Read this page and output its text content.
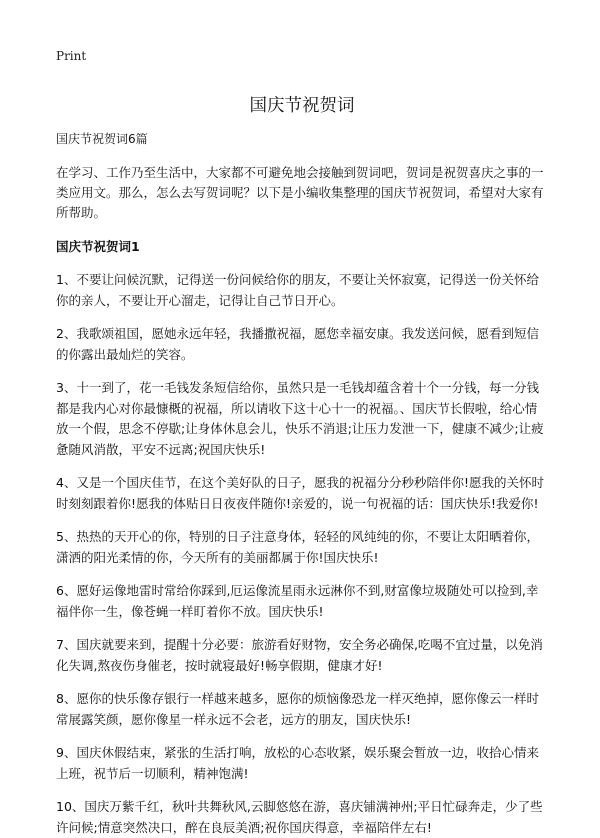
Print
国庆节祝贺词

国庆节祝贺词6篇

在学习、工作乃至生活中，大家都不可避免地会接触到贺词吧，贺词是祝贺喜庆之事的一类应用文。那么，怎么去写贺词呢？以下是小编收集整理的国庆节祝贺词，希望对大家有所帮助。

国庆节祝贺词1
1、不要让问候沉默，记得送一份问候给你的朋友，不要让关怀寂寞，记得送一份关怀给你的亲人，不要让开心溜走，记得让自己节日开心。
2、我歌颂祖国，愿她永远年轻，我播撒祝福，愿您幸福安康。我发送问候，愿看到短信的你露出最灿烂的笑容。
3、十一到了，花一毛钱发条短信给你，虽然只是一毛钱却蕴含着十个一分钱，每一分钱都是我内心对你最慷概的祝福，所以请收下这十心十一的祝福。、国庆节长假啦，给心情放一个假，思念不停歇;让身体休息会儿，快乐不消退;让压力发泄一下，健康不减少;让疲惫随风消散，平安不远离;祝国庆快乐!
4、又是一个国庆佳节，在这个美好队的日子，愿我的祝福分分秒秒陪伴你!愿我的关怀时时刻刻跟着你!愿我的体贴日日夜夜伴随你!亲爱的，说一句祝福的话：国庆快乐!我爱你!
5、热热的天开心的你，特别的日子注意身体，轻轻的风纯纯的你，不要让太阳晒着你，潇洒的阳光柔情的你，今天所有的美丽都属于你!国庆快乐!
6、愿好运像地雷时常给你踩到,厄运像流星雨永远淋你不到,财富像垃圾随处可以捡到,幸福伴你一生，像苍蝇一样盯着你不放。国庆快乐!
7、国庆就要来到，提醒十分必要：旅游看好财物，安全务必确保,吃喝不宜过量，以免消化失调,熬夜伤身催老，按时就寝最好!畅享假期，健康才好!
8、愿你的快乐像存银行一样越来越多，愿你的烦恼像恐龙一样灭绝掉，愿你像云一样时常展露笑颜，愿你像星一样永远不会老，远方的朋友，国庆快乐!
9、国庆休假结束，紧张的生活打响，放松的心态收紧，娱乐聚会暂放一边，收拾心情来上班，祝节后一切顺利，精神饱满!
10、国庆万紫千红，秋叶共舞秋风,云脚悠悠在游，喜庆铺满神州;平日忙碌奔走，少了些许问候;情意突然决口，醉在良辰美酒;祝你国庆得意，幸福陪伴左右!
